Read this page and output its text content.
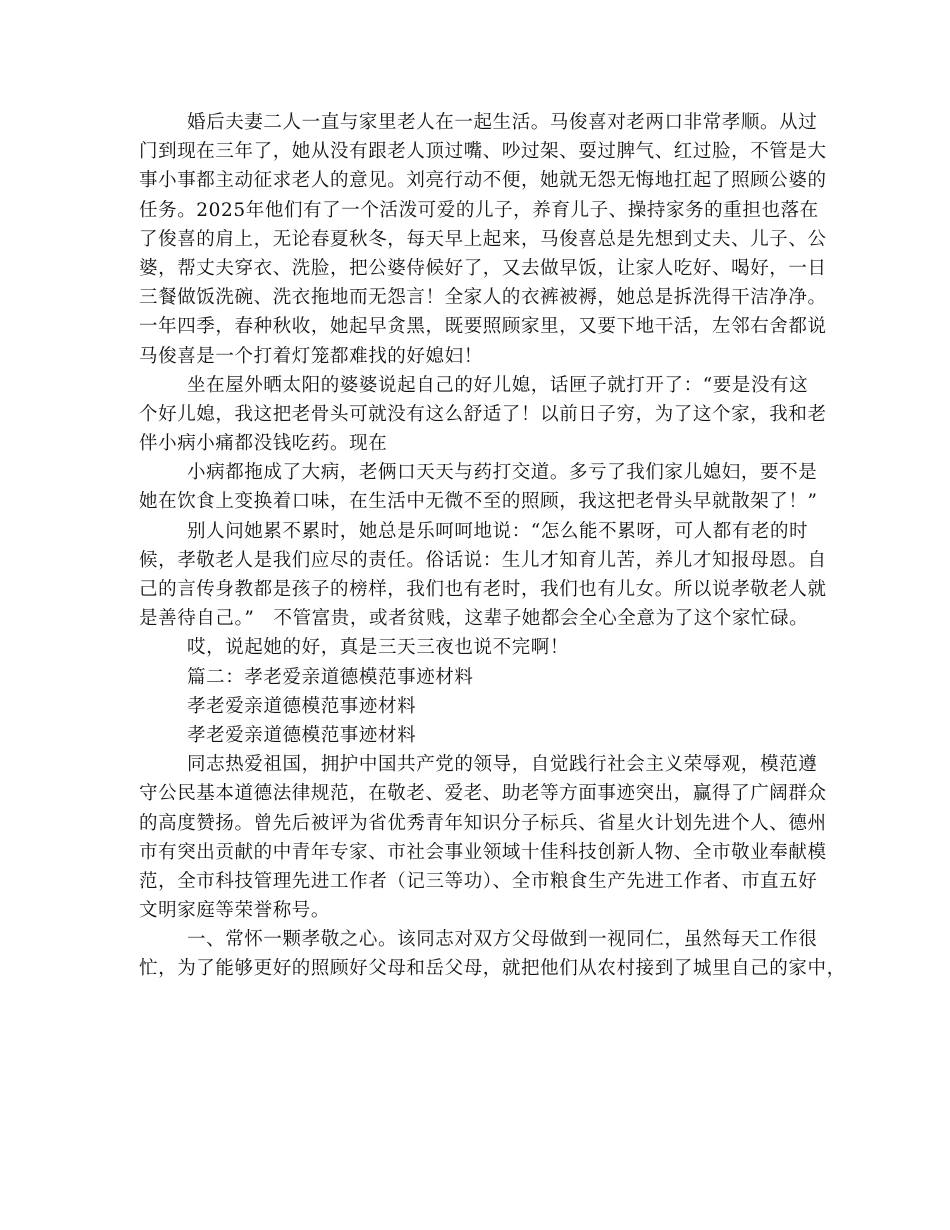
婚后夫妻二人一直与家里老人在一起生活。马俊喜对老两口非常孝顺。从过
门到现在三年了，她从没有跟老人顶过嘴、吵过架、耍过脾气、红过脸，不管是大
事小事都主动征求老人的意见。刘亮行动不便，她就无怨无悔地扛起了照顾公婆的
任务。2025年他们有了一个活泼可爱的儿子，养育儿子、操持家务的重担也落在
了俊喜的肩上，无论春夏秋冬，每天早上起来，马俊喜总是先想到丈夫、儿子、公
婆，帮丈夫穿衣、洗脸，把公婆侍候好了，又去做早饭，让家人吃好、喝好，一日
三餐做饭洗碗、洗衣拖地而无怨言！全家人的衣裤被褥，她总是拆洗得干洁净净。
一年四季，春种秋收，她起早贪黑，既要照顾家里，又要下地干活，左邻右舍都说
马俊喜是一个打着灯笼都难找的好媳妇！
坐在屋外晒太阳的婆婆说起自己的好儿媳，话匣子就打开了：“要是没有这
个好儿媳，我这把老骨头可就没有这么舒适了！以前日子穷，为了这个家，我和老
伴小病小痛都没钱吃药。现在
小病都拖成了大病，老俩口天天与药打交道。多亏了我们家儿媳妇，要不是
她在饮食上变换着口味，在生活中无微不至的照顾，我这把老骨头早就散架了！”
别人问她累不累时，她总是乐呵呵地说：“怎么能不累呀，可人都有老的时
候，孝敬老人是我们应尽的责任。俗话说：生儿才知育儿苦，养儿才知报母恩。自
己的言传身教都是孩子的榜样，我们也有老时，我们也有儿女。所以说孝敬老人就
是善待自己。”　不管富贵，或者贫贱，这辈子她都会全心全意为了这个家忙碌。
哎，说起她的好，真是三天三夜也说不完啊！
篇二：孝老爱亲道德模范事迹材料
孝老爱亲道德模范事迹材料
孝老爱亲道德模范事迹材料
同志热爱祖国，拥护中国共产党的领导，自觉践行社会主义荣辱观，模范遵
守公民基本道德法律规范，在敬老、爱老、助老等方面事迹突出，赢得了广阔群众
的高度赞扬。曾先后被评为省优秀青年知识分子标兵、省星火计划先进个人、德州
市有突出贡献的中青年专家、市社会事业领域十佳科技创新人物、全市敬业奉献模
范，全市科技管理先进工作者（记三等功）、全市粮食生产先进工作者、市直五好
文明家庭等荣誉称号。
一、常怀一颗孝敬之心。该同志对双方父母做到一视同仁，虽然每天工作很
忙，为了能够更好的照顾好父母和岳父母，就把他们从农村接到了城里自己的家中，
